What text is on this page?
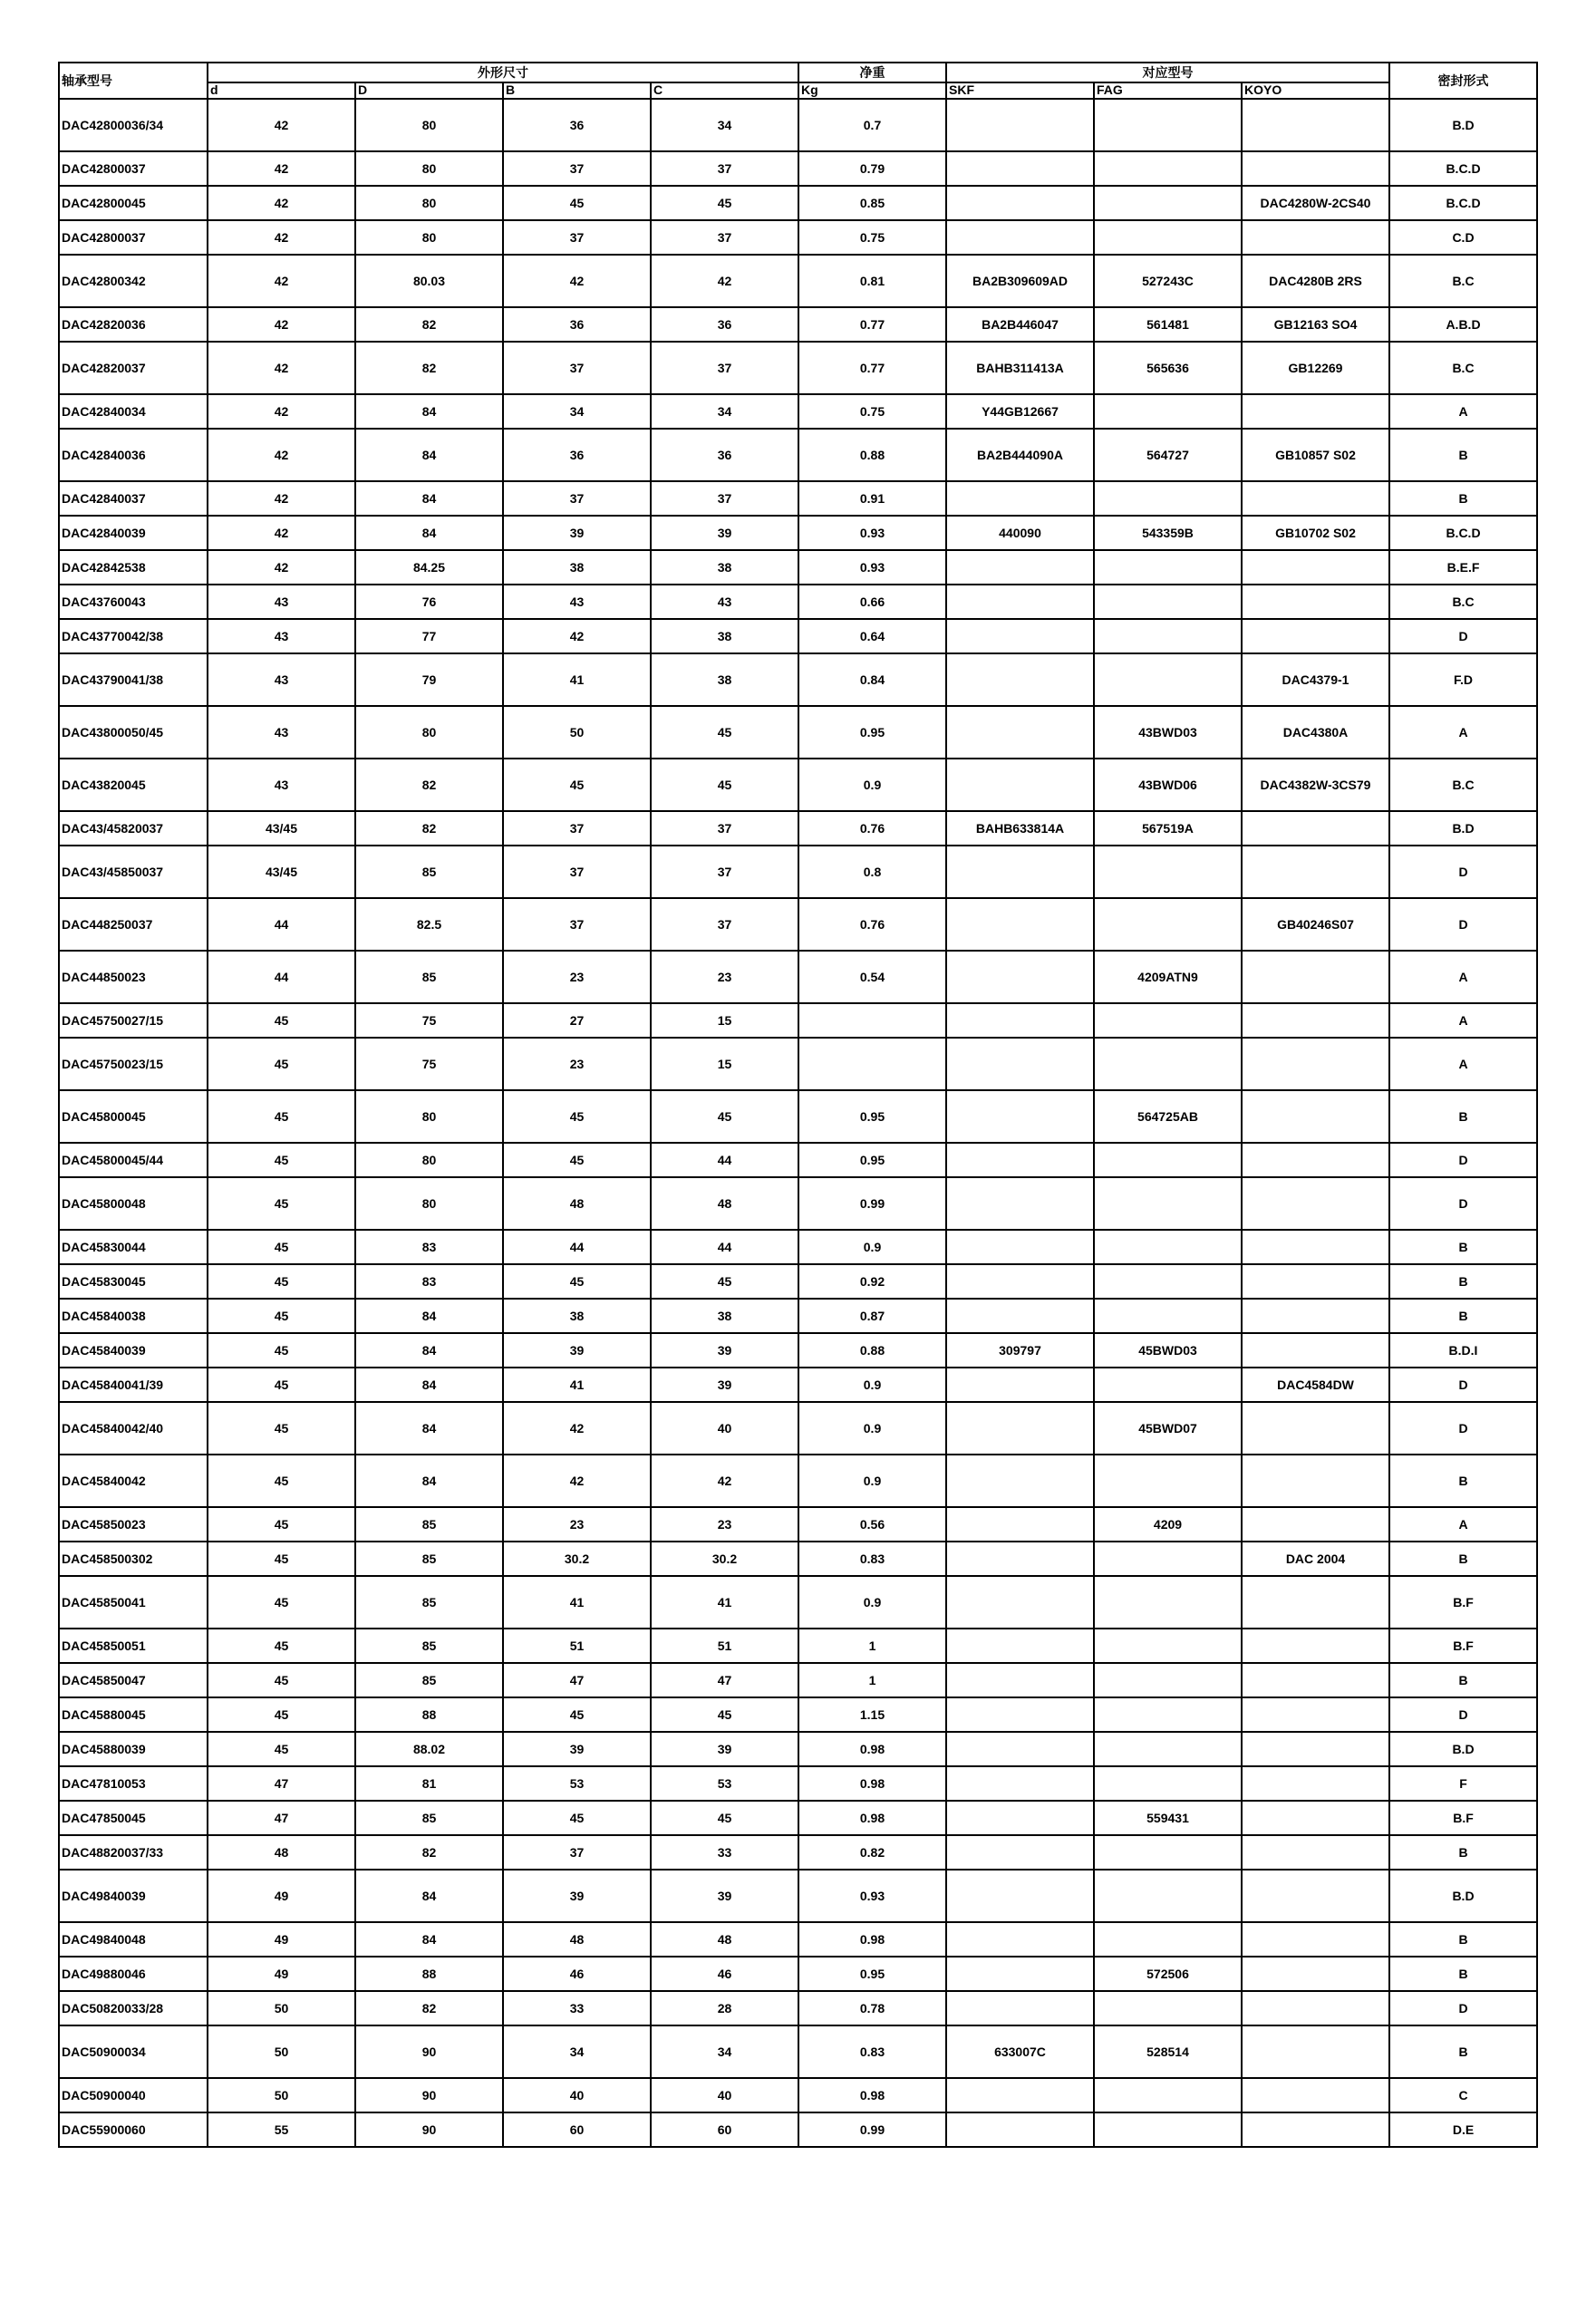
轴承型号	外形尺寸				净重	对应型号			密封形式
	d	D	B	C	Kg	SKF	FAG	KOYO	
DAC42800036/34	42	80	36	34	0.7				B.D
DAC42800037	42	80	37	37	0.79				B.C.D
DAC42800045	42	80	45	45	0.85			DAC4280W-2CS40	B.C.D
DAC42800037	42	80	37	37	0.75				C.D
DAC42800342	42	80.03	42	42	0.81	BA2B309609AD	527243C	DAC4280B 2RS	B.C
DAC42820036	42	82	36	36	0.77	BA2B446047	561481	GB12163 SO4	A.B.D
DAC42820037	42	82	37	37	0.77	BAHB311413A	565636	GB12269	B.C
DAC42840034	42	84	34	34	0.75	Y44GB12667			A
DAC42840036	42	84	36	36	0.88	BA2B444090A	564727	GB10857 S02	B
DAC42840037	42	84	37	37	0.91				B
DAC42840039	42	84	39	39	0.93	440090	543359B	GB10702 S02	B.C.D
DAC42842538	42	84.25	38	38	0.93				B.E.F
DAC43760043	43	76	43	43	0.66				B.C
DAC43770042/38	43	77	42	38	0.64				D
DAC43790041/38	43	79	41	38	0.84			DAC4379-1	F.D
DAC43800050/45	43	80	50	45	0.95		43BWD03	DAC4380A	A
DAC43820045	43	82	45	45	0.9		43BWD06	DAC4382W-3CS79	B.C
DAC43/45820037	43/45	82	37	37	0.76	BAHB633814A	567519A		B.D
DAC43/45850037	43/45	85	37	37	0.8				D
DAC448250037	44	82.5	37	37	0.76			GB40246S07	D
DAC44850023	44	85	23	23	0.54		4209ATN9		A
DAC45750027/15	45	75	27	15					A
DAC45750023/15	45	75	23	15					A
DAC45800045	45	80	45	45	0.95		564725AB		B
DAC45800045/44	45	80	45	44	0.95				D
DAC45800048	45	80	48	48	0.99				D
DAC45830044	45	83	44	44	0.9				B
DAC45830045	45	83	45	45	0.92				B
DAC45840038	45	84	38	38	0.87				B
DAC45840039	45	84	39	39	0.88	309797	45BWD03		B.D.I
DAC45840041/39	45	84	41	39	0.9			DAC4584DW	D
DAC45840042/40	45	84	42	40	0.9		45BWD07		D
DAC45840042	45	84	42	42	0.9				B
DAC45850023	45	85	23	23	0.56		4209		A
DAC458500302	45	85	30.2	30.2	0.83			DAC 2004	B
DAC45850041	45	85	41	41	0.9				B.F
DAC45850051	45	85	51	51	1				B.F
DAC45850047	45	85	47	47	1				B
DAC45880045	45	88	45	45	1.15				D
DAC45880039	45	88.02	39	39	0.98				B.D
DAC47810053	47	81	53	53	0.98				F
DAC47850045	47	85	45	45	0.98		559431		B.F
DAC48820037/33	48	82	37	33	0.82				B
DAC49840039	49	84	39	39	0.93				B.D
DAC49840048	49	84	48	48	0.98				B
DAC49880046	49	88	46	46	0.95		572506		B
DAC50820033/28	50	82	33	28	0.78				D
DAC50900034	50	90	34	34	0.83	633007C	528514		B
DAC50900040	50	90	40	40	0.98				C
DAC55900060	55	90	60	60	0.99				D.E
